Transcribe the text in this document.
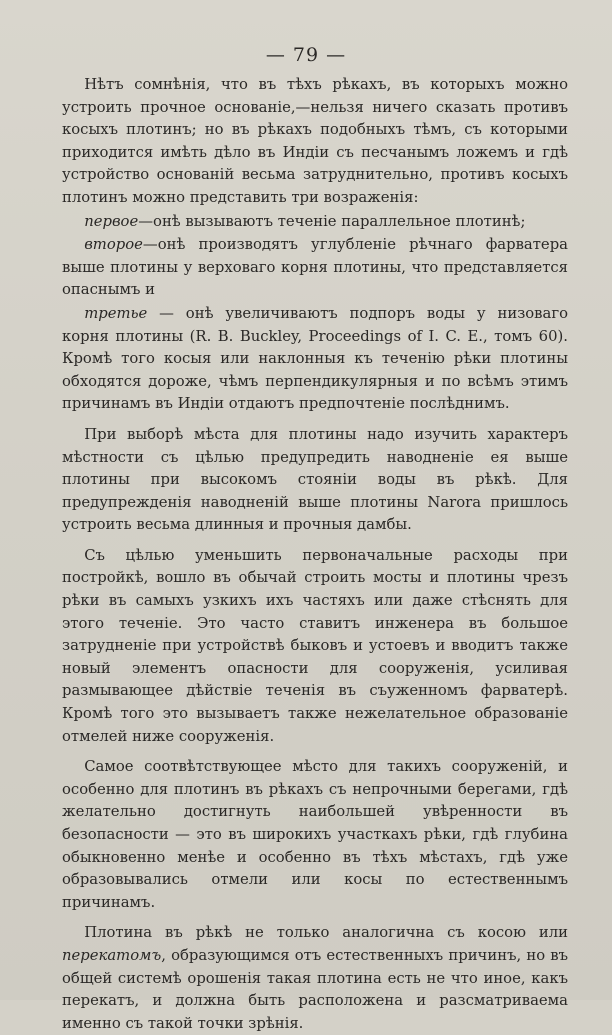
— 79 —

Нѣтъ сомнѣнія, что въ тѣхъ рѣкахъ, въ которыхъ можно устроить прочное основаніе,—нельзя ничего сказать противъ косыхъ плотинъ; но въ рѣкахъ подобныхъ тѣмъ, съ которыми приходится имѣть дѣло въ Индіи съ песчанымъ ложемъ и гдѣ устройство основаній весьма затруднительно, противъ косыхъ плотинъ можно представить три возраженія:

первое—онѣ вызываютъ теченіе параллельное плотинѣ;

второе—онѣ производятъ углубленіе рѣчнаго фарватера выше плотины у верховаго корня плотины, что представляется опаснымъ и

третье — онѣ увеличиваютъ подпоръ воды у низоваго корня плотины (R. B. Buckley, Proceedings of I. C. E., томъ 60). Кромѣ того косыя или наклонныя къ теченію рѣки плотины обходятся дороже, чѣмъ перпендикулярныя и по всѣмъ этимъ причинамъ въ Индіи отдаютъ предпочтеніе послѣднимъ.

При выборѣ мѣста для плотины надо изучить характеръ мѣстности съ цѣлью предупредить наводненіе ея выше плотины при высокомъ стояніи воды въ рѣкѣ. Для предупрежденія наводненій выше плотины Narora пришлось устроить весьма длинныя и прочныя дамбы.

Съ цѣлью уменьшить первоначальные расходы при постройкѣ, вошло въ обычай строить мосты и плотины чрезъ рѣки въ самыхъ узкихъ ихъ частяхъ или даже стѣснять для этого теченіе. Это часто ставитъ инженера въ большое затрудненіе при устройствѣ быковъ и устоевъ и вводитъ также новый элементъ опасности для сооруженія, усиливая размывающее дѣйствіе теченія въ съуженномъ фарватерѣ. Кромѣ того это вызываетъ также нежелательное образованіе отмелей ниже сооруженія.

Самое соотвѣтствующее мѣсто для такихъ сооруженій, и особенно для плотинъ въ рѣкахъ съ непрочными берегами, гдѣ желательно достигнуть наибольшей увѣренности въ безопасности — это въ широкихъ участкахъ рѣки, гдѣ глубина обыкновенно менѣе и особенно въ тѣхъ мѣстахъ, гдѣ уже образовывались отмели или косы по естественнымъ причинамъ.

Плотина въ рѣкѣ не только аналогична съ косою или перекатомъ, образующимся отъ естественныхъ причинъ, но въ общей системѣ орошенія такая плотина есть не что иное, какъ перекатъ, и должна быть расположена и разсматриваема именно съ такой точки зрѣнія.
